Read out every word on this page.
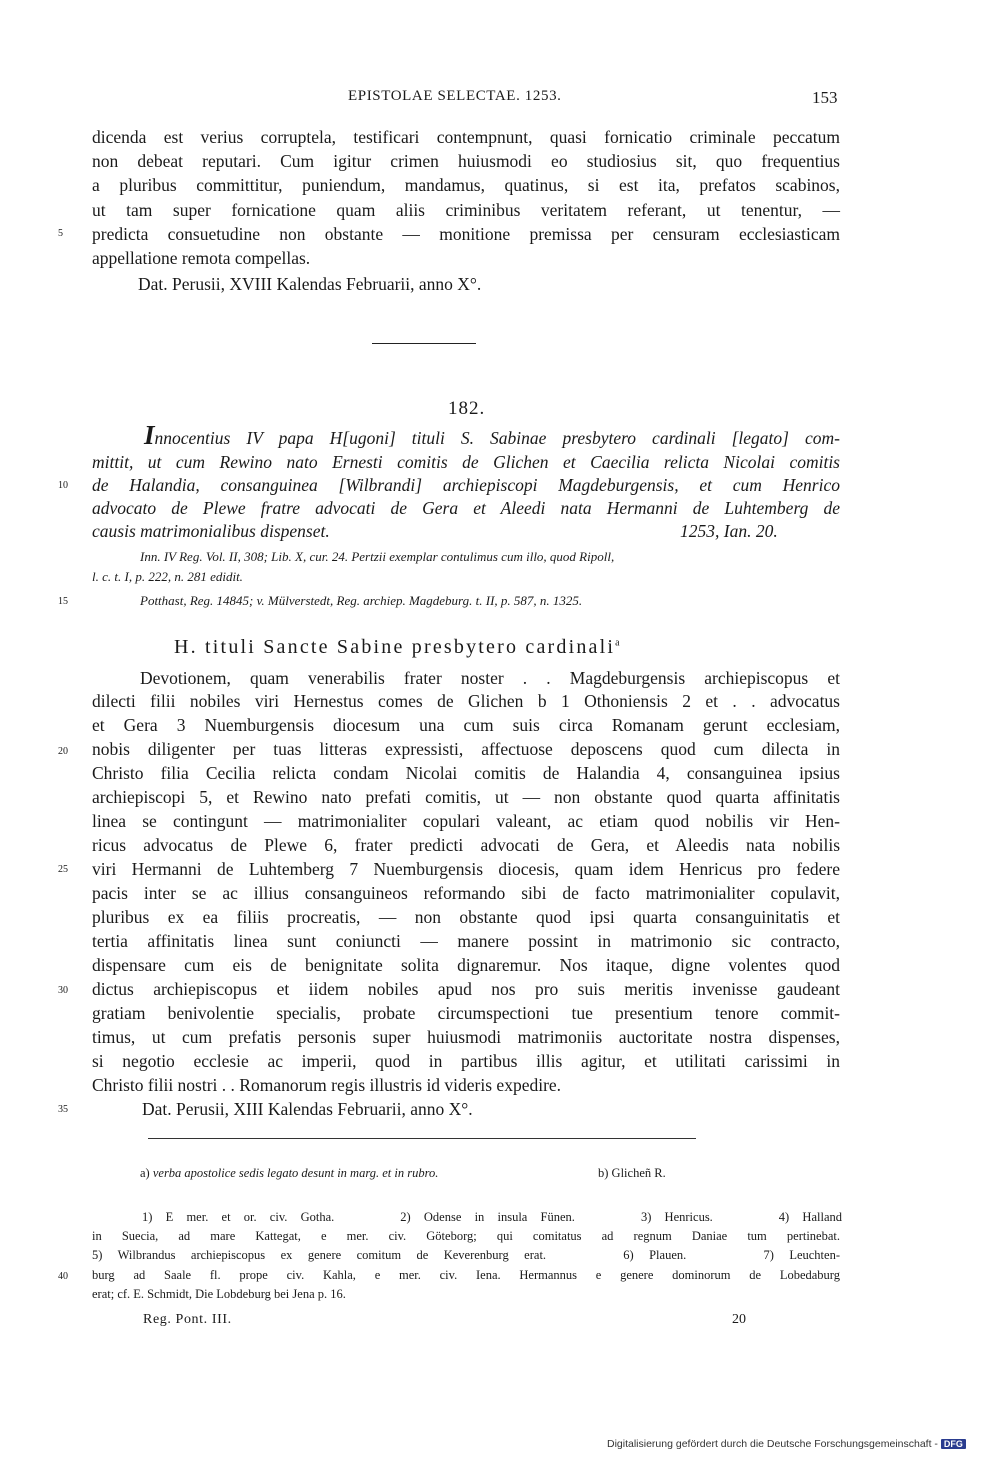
EPISTOLAE SELECTAE. 1253.	153
dicenda est verius corruptela, testificari contempnunt, quasi fornicatio criminale peccatum
non debeat reputari. Cum igitur crimen huiusmodi eo studiosius sit, quo frequentius
a pluribus committitur, puniendum, mandamus, quatinus, si est ita, prefatos scabinos,
ut tam super fornicatione quam aliis criminibus veritatem referant, ut tenentur, —
5 predicta consuetudine non obstante — monitione premissa per censuram ecclesiasticam
appellatione remota compellas.
Dat. Perusii, XVIII Kalendas Februarii, anno X°.
182.
Innocentius IV papa H[ugoni] tituli S. Sabinae presbytero cardinali [legato] com-
mittit, ut cum Rewino nato Ernesti comitis de Glichen et Caecilia relicta Nicolai comitis
10 de Halandia, consanguinea [Wilbrandi] archiepiscopi Magdeburgensis, et cum Henrico
advocato de Plewe fratre advocati de Gera et Aleedi nata Hermanni de Luhtemberg de
causis matrimonialibus dispenset.	1253, Ian. 20.
Inn. IV Reg. Vol. II, 308; Lib. X, cur. 24. Pertzii exemplar contulimus cum illo, quod Ripoll,
l. c. t. I, p. 222, n. 281 edidit.
15	Potthast, Reg. 14845; v. Mülverstedt, Reg. archiep. Magdeburg. t. II, p. 587, n. 1325.
H. tituli Sancte Sabine presbytero cardinali$^a$
Devotionem, quam venerabilis frater noster . . Magdeburgensis archiepiscopus et
dilecti filii nobiles viri Hernestus comes de Glichen b 1 Othoniensis 2 et . . advocatus
et Gera 3 Nuemburgensis diocesum una cum suis circa Romanam gerunt ecclesiam,
20 nobis diligenter per tuas litteras expressisti, affectuose deposcens quod cum dilecta in
Christo filia Cecilia relicta condam Nicolai comitis de Halandia 4, consanguinea ipsius
archiepiscopi 5, et Rewino nato prefati comitis, ut — non obstante quod quarta affinitatis
linea se contingunt — matrimonialiter copulari valeant, ac etiam quod nobilis vir Hen-
ricus advocatus de Plewe 6, frater predicti advocati de Gera, et Aleedis nata nobilis
25 viri Hermanni de Luhtemberg 7 Nuemburgensis diocesis, quam idem Henricus pro federe
pacis inter se ac illius consanguineos reformando sibi de facto matrimonialiter copulavit,
pluribus ex ea filiis procreatis, — non obstante quod ipsi quarta consanguinitatis et
tertia affinitatis linea sunt coniuncti — manere possint in matrimonio sic contracto,
dispensare cum eis de benignitate solita dignaremur. Nos itaque, digne volentes quod
30 dictus archiepiscopus et iidem nobiles apud nos pro suis meritis invenisse gaudeant
gratiam benivolentie specialis, probate circumspectioni tue presentium tenore commit-
timus, ut cum prefatis personis super huiusmodi matrimoniis auctoritate nostra dispenses,
si negotio ecclesie ac imperii, quod in partibus illis agitur, et utilitati carissimi in
Christo filii nostri . . Romanorum regis illustris id videris expedire.
35	Dat. Perusii, XIII Kalendas Februarii, anno X°.
a) verba apostolice sedis legato desunt in marg. et in rubro.	b) Glicheñ R.
1) E mer. et or. civ. Gotha.     2) Odense in insula Fünen.     3) Henricus.     4) Halland
in Suecia, ad mare Kattegat, e mer. civ. Göteborg; qui comitatus ad regnum Daniae tum pertinebat.
5) Wilbrandus archiepiscopus ex genere comitum de Keverenburg erat.     6) Plauen.     7) Leuchten-
40 burg ad Saale fl. prope civ. Kahla, e mer. civ. Iena. Hermannus e genere dominorum de Lobedaburg
erat; cf. E. Schmidt, Die Lobdeburg bei Jena p. 16.
Reg. Pont. III.	20
Digitalisierung gefördert durch die Deutsche Forschungsgemeinschaft - DFG
